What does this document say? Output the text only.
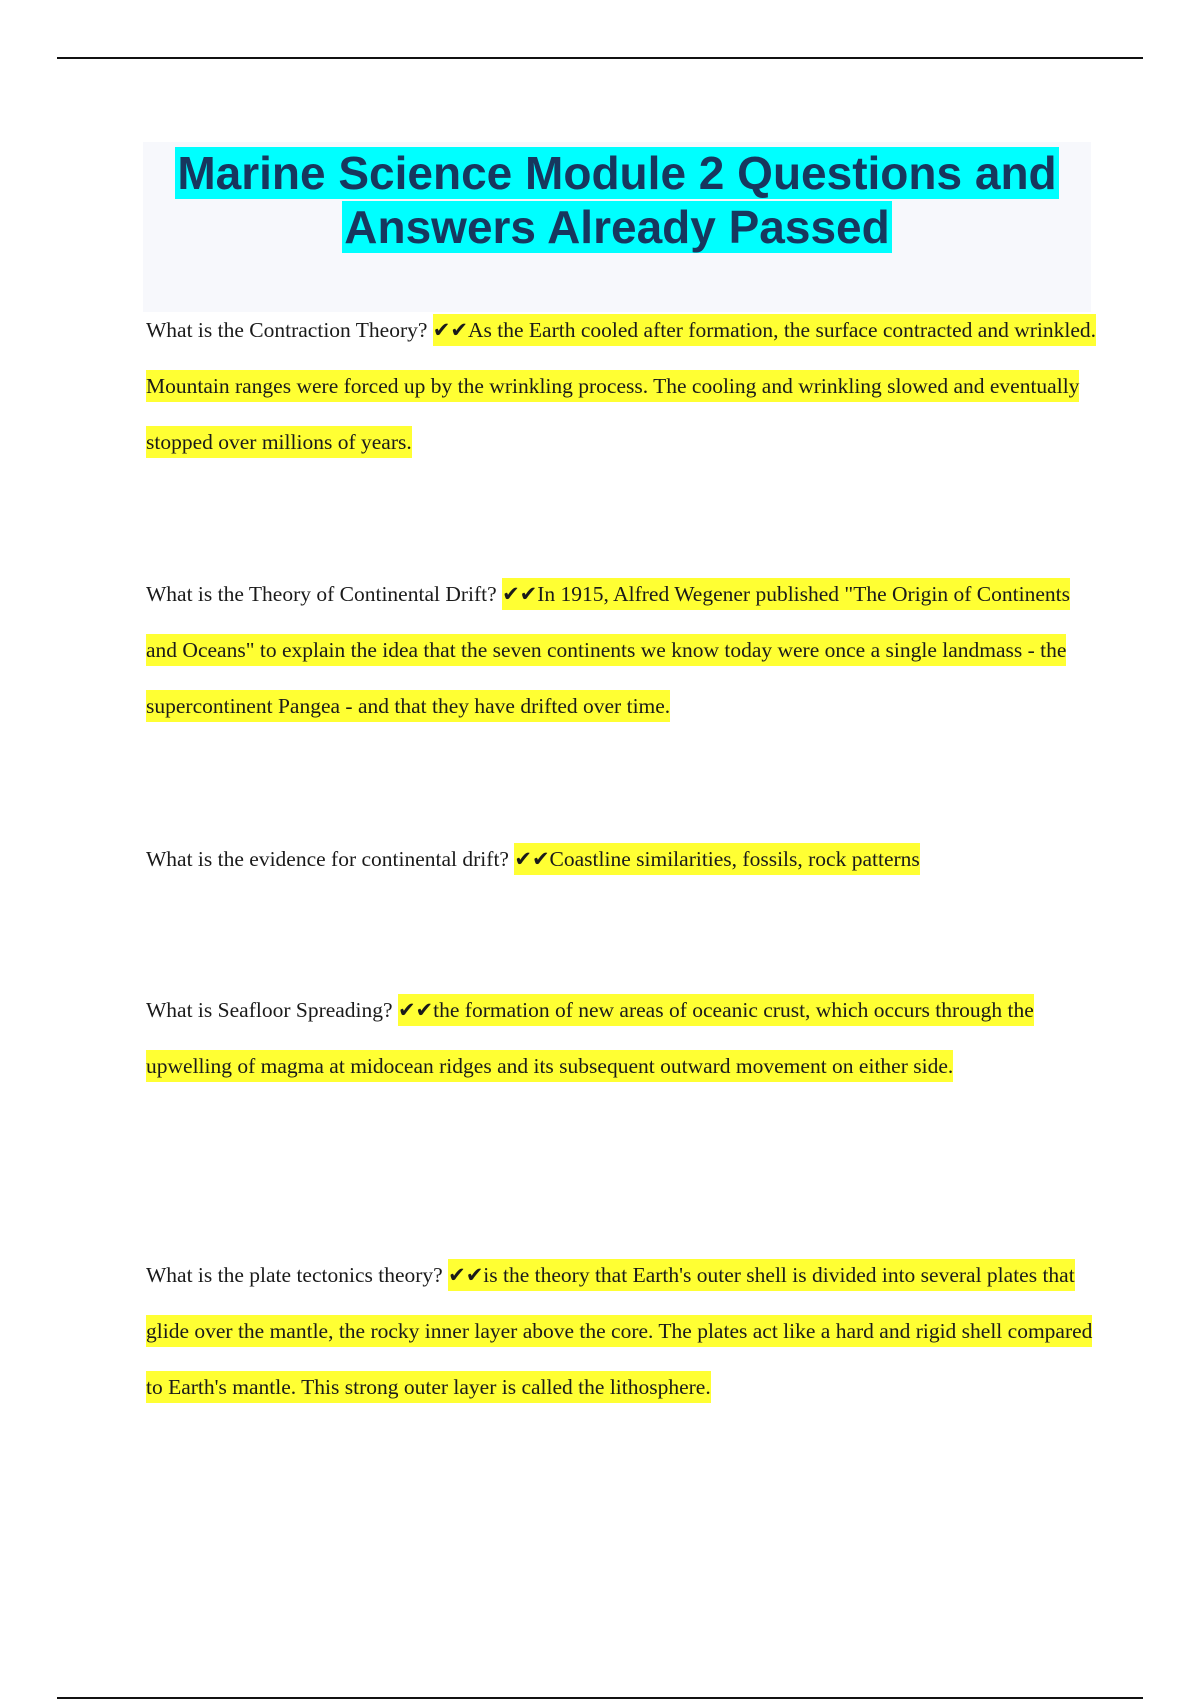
Marine Science Module 2 Questions and
Answers Already Passed

What is the Contraction Theory? ✔✔As the Earth cooled after formation, the surface contracted and wrinkled. Mountain ranges were forced up by the wrinkling process. The cooling and wrinkling slowed and eventually stopped over millions of years.

What is the Theory of Continental Drift? ✔✔In 1915, Alfred Wegener published "The Origin of Continents and Oceans" to explain the idea that the seven continents we know today were once a single landmass - the supercontinent Pangea - and that they have drifted over time.

What is the evidence for continental drift? ✔✔Coastline similarities, fossils, rock patterns

What is Seafloor Spreading? ✔✔the formation of new areas of oceanic crust, which occurs through the upwelling of magma at midocean ridges and its subsequent outward movement on either side.

What is the plate tectonics theory? ✔✔is the theory that Earth's outer shell is divided into several plates that glide over the mantle, the rocky inner layer above the core. The plates act like a hard and rigid shell compared to Earth's mantle. This strong outer layer is called the lithosphere.
